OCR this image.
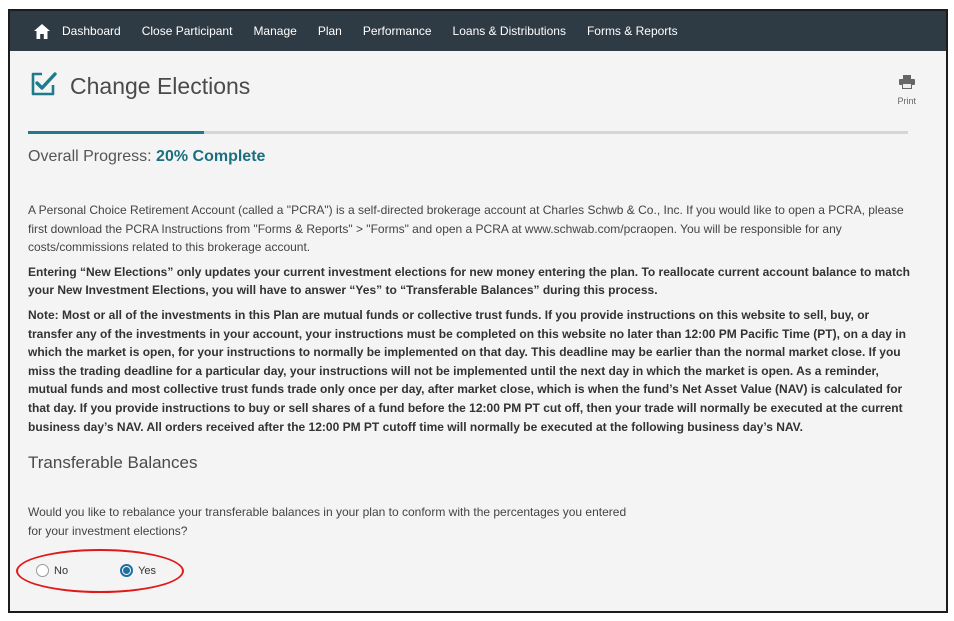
Dashboard Close Participant Manage Plan Performance Loans & Distributions Forms & Reports
Change Elections
Print
Overall Progress: 20% Complete

A Personal Choice Retirement Account (called a "PCRA") is a self-directed brokerage account at Charles Schwb & Co., Inc. If you would like to open a PCRA, please first download the PCRA Instructions from "Forms & Reports" > "Forms" and open a PCRA at www.schwab.com/pcraopen. You will be responsible for any costs/commissions related to this brokerage account.

Entering “New Elections” only updates your current investment elections for new money entering the plan. To reallocate current account balance to match your New Investment Elections, you will have to answer “Yes” to “Transferable Balances” during this process.

Note: Most or all of the investments in this Plan are mutual funds or collective trust funds. If you provide instructions on this website to sell, buy, or transfer any of the investments in your account, your instructions must be completed on this website no later than 12:00 PM Pacific Time (PT), on a day in which the market is open, for your instructions to normally be implemented on that day. This deadline may be earlier than the normal market close. If you miss the trading deadline for a particular day, your instructions will not be implemented until the next day in which the market is open. As a reminder, mutual funds and most collective trust funds trade only once per day, after market close, which is when the fund’s Net Asset Value (NAV) is calculated for that day. If you provide instructions to buy or sell shares of a fund before the 12:00 PM PT cut off, then your trade will normally be executed at the current business day’s NAV. All orders received after the 12:00 PM PT cutoff time will normally be executed at the following business day’s NAV.

Transferable Balances
Would you like to rebalance your transferable balances in your plan to conform with the percentages you entered for your investment elections?
No	Yes
